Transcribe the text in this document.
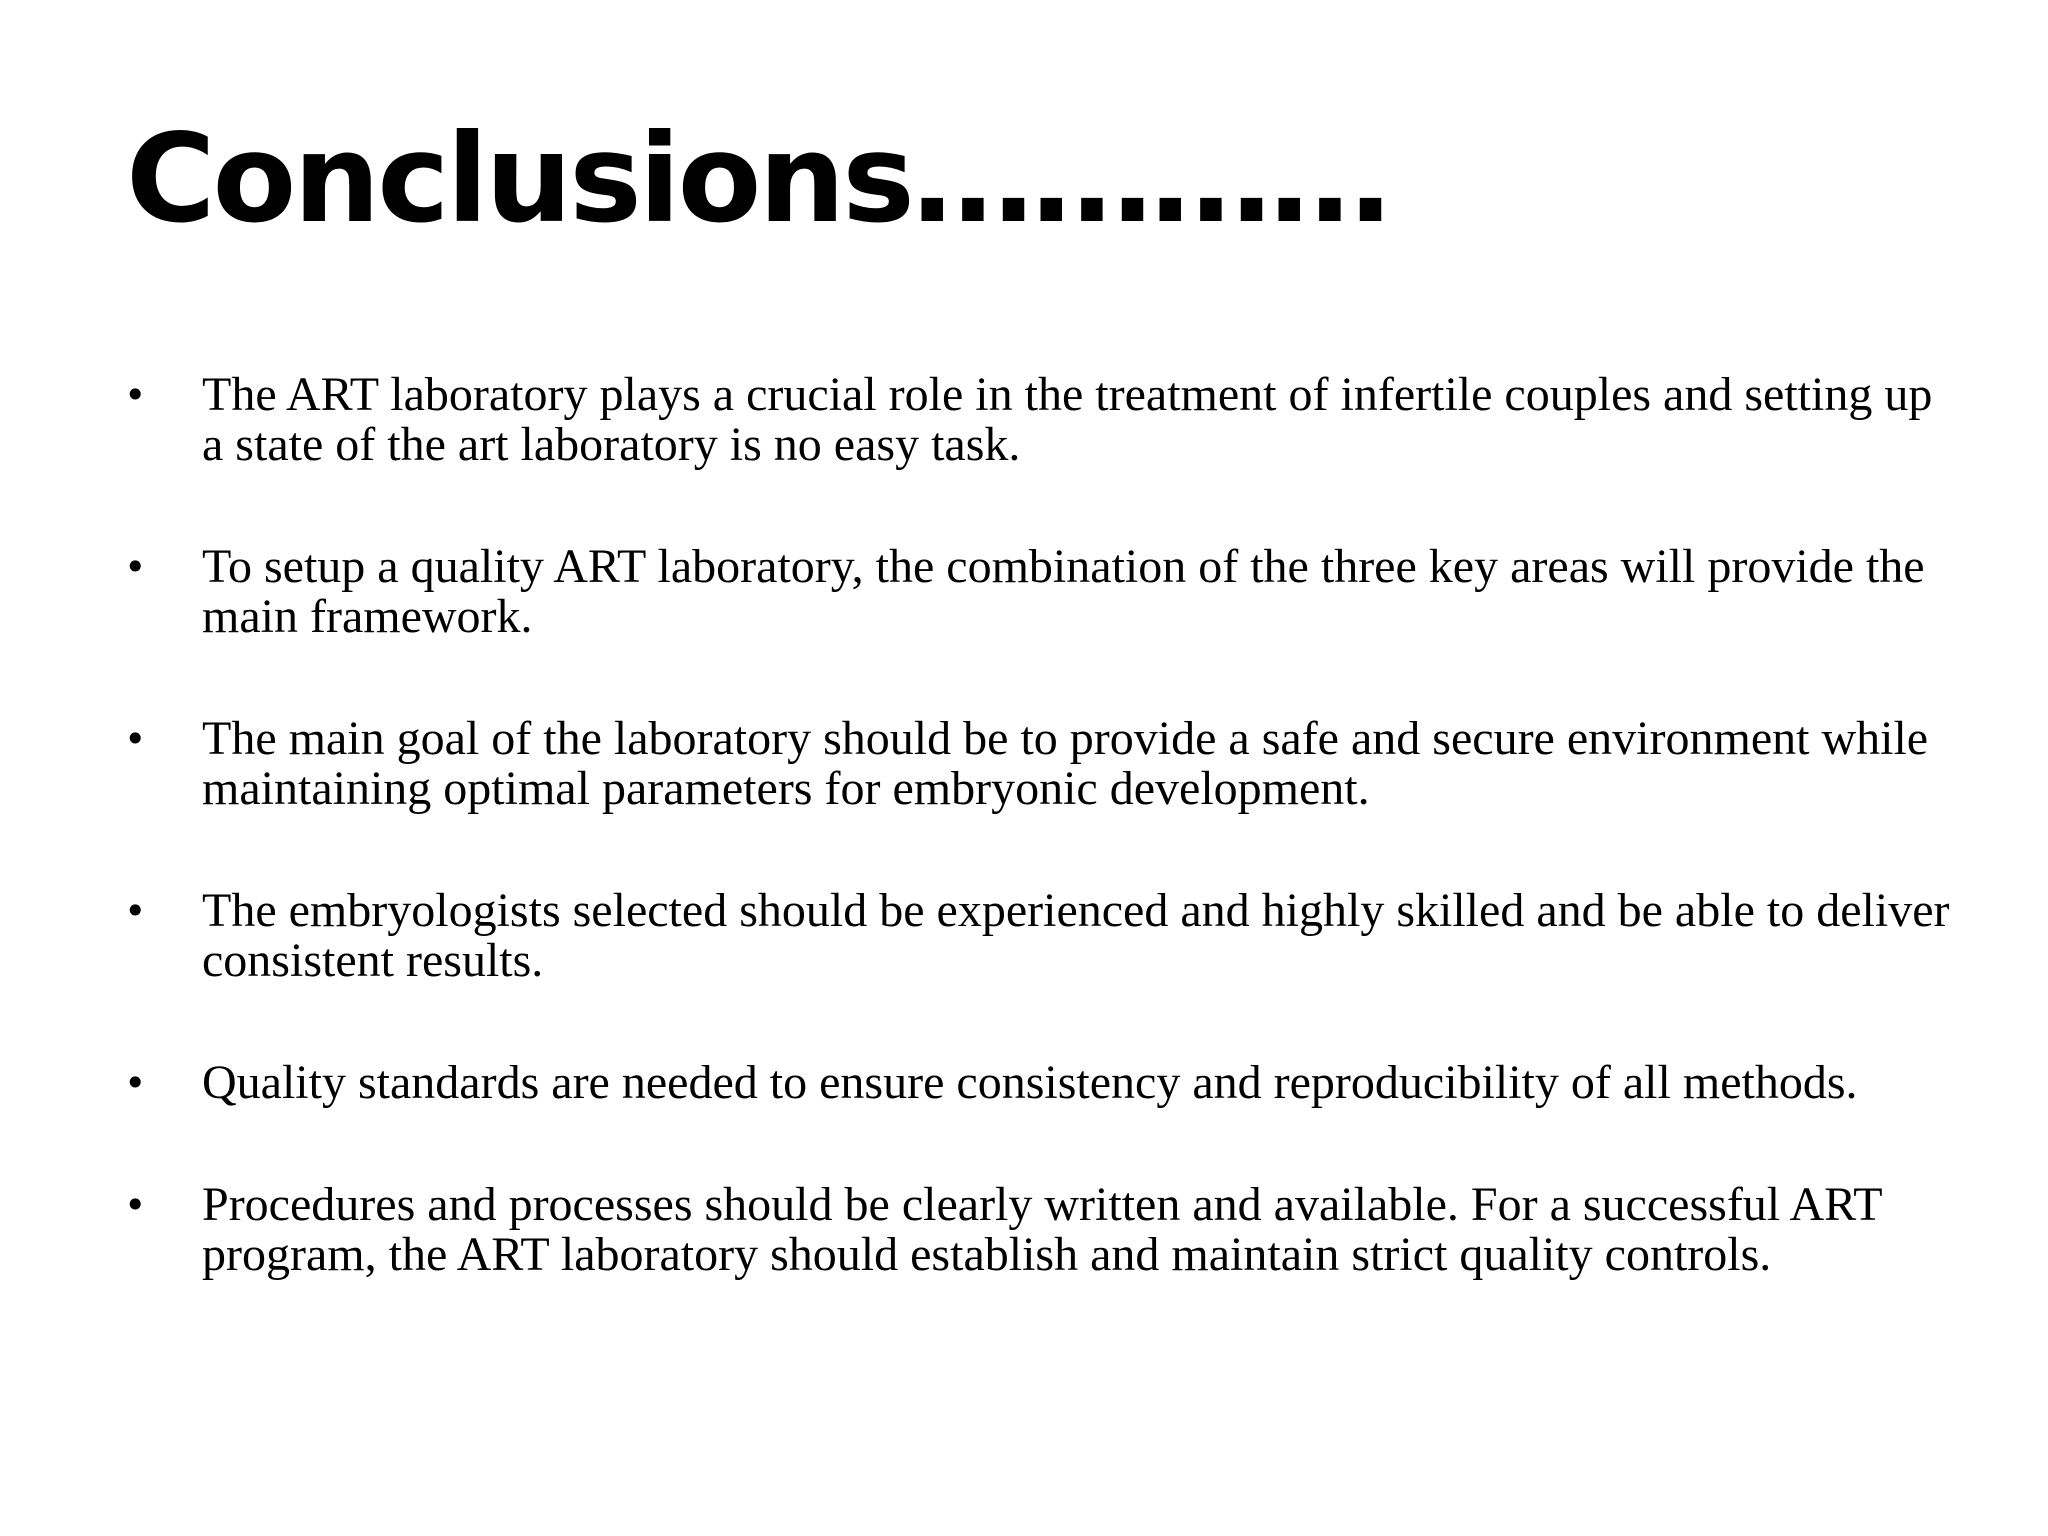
Conclusions…………
•	The ART laboratory plays a crucial role in the treatment of infertile couples and setting up a state of the art laboratory is no easy task.
•	To setup a quality ART laboratory, the combination of the three key areas will provide the main framework.
•	The main goal of the laboratory should be to provide a safe and secure environment while maintaining optimal parameters for embryonic development.
•	The embryologists selected should be experienced and highly skilled and be able to deliver consistent results.
•	Quality standards are needed to ensure consistency and reproducibility of all methods.
•	Procedures and processes should be clearly written and available. For a successful ART program, the ART laboratory should establish and maintain strict quality controls.
